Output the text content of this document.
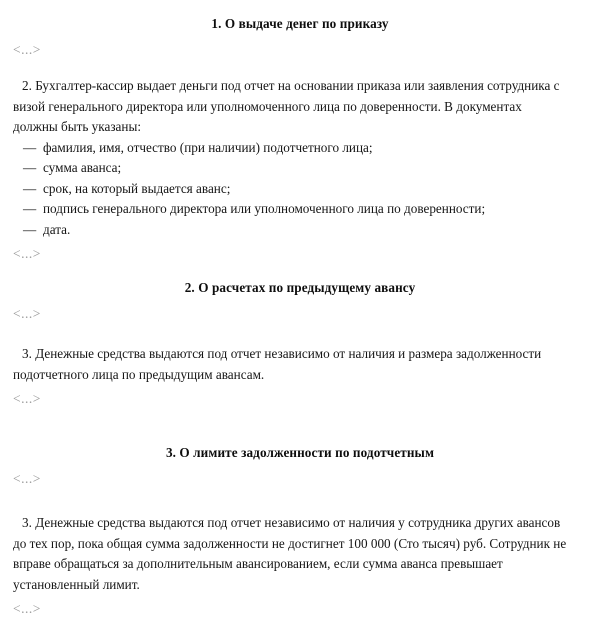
1. О выдаче денег по приказу

<...>

2. Бухгалтер-кассир выдает деньги под отчет на основании приказа или заявления сотрудника с визой генерального директора или уполномоченного лица по доверенности. В документах должны быть указаны:

— фамилия, имя, отчество (при наличии) подотчетного лица;
— сумма аванса;
— срок, на который выдается аванс;
— подпись генерального директора или уполномоченного лица по доверенности;
— дата.

<...>

2. О расчетах по предыдущему авансу

<...>

3. Денежные средства выдаются под отчет независимо от наличия и размера задолженности подотчетного лица по предыдущим авансам.

<...>

3. О лимите задолженности по подотчетным

<...>

3. Денежные средства выдаются под отчет независимо от наличия у сотрудника других авансов до тех пор, пока общая сумма задолженности не достигнет 100 000 (Сто тысяч) руб. Сотрудник не вправе обращаться за дополнительным авансированием, если сумма аванса превышает установленный лимит.

<...>
